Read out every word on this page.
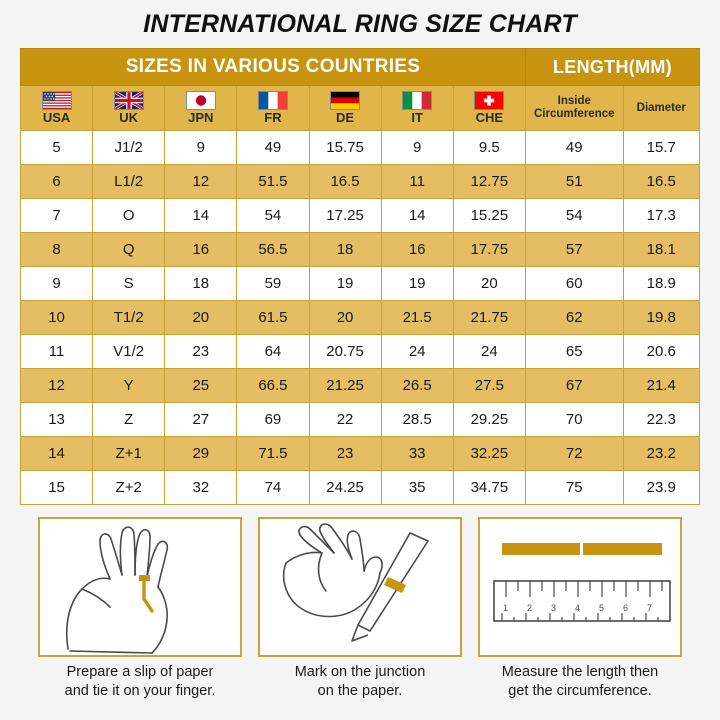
INTERNATIONAL RING SIZE CHART
SIZES IN VARIOUS COUNTRIES							LENGTH(MM)	

USA	UK	JPN	FR	DE	IT	CHE	Inside Circumference	Diameter

5	J1/2	9	49	15.75	9	9.5	49	15.7
6	L1/2	12	51.5	16.5	11	12.75	51	16.5
7	O	14	54	17.25	14	15.25	54	17.3
8	Q	16	56.5	18	16	17.75	57	18.1
9	S	18	59	19	19	20	60	18.9
10	T1/2	20	61.5	20	21.5	21.75	62	19.8
11	V1/2	23	64	20.75	24	24	65	20.6
12	Y	25	66.5	21.25	26.5	27.5	67	21.4
13	Z	27	69	22	28.5	29.25	70	22.3
14	Z+1	29	71.5	23	33	32.25	72	23.2
15	Z+2	32	74	24.25	35	34.75	75	23.9
Prepare a slip of paper
and tie it on your finger.
Mark on the junction
on the paper.
1 2 3 4 5 6 7
Measure the length then
get the circumference.
